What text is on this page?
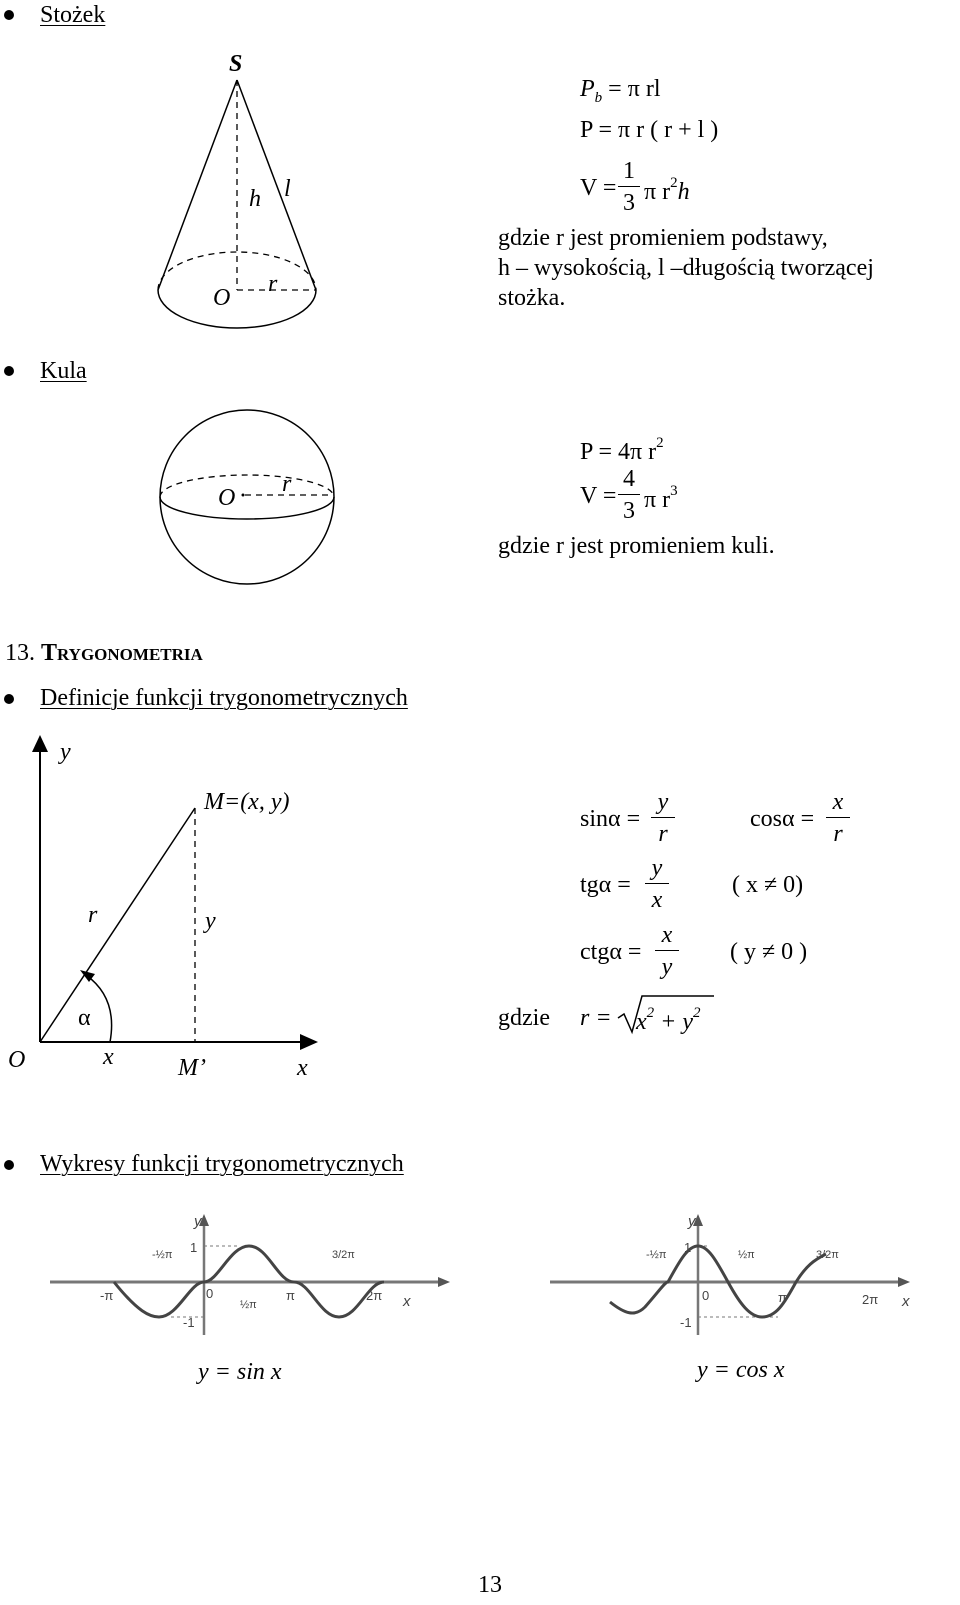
Stożek
S
h l
r
O
$P_b = \pi$ rl
P = π r ( r + l )
V =
1
3 π $r^2h$
gdzie r jest promieniem podstawy,
h – wysokością, l –długością tworzącej
stożka.
Kula
O
r
P = 4π $r^2$
V =
4
3 π $r^3$
gdzie r jest promieniem kuli.
13. Trygonometria
Definicje funkcji trygonometrycznych
y
x
O
M=(x, y)
M’
r	y
x
α
sinα =
y
r
cosα =
x
r
tgα =
y
x
( x ≠ 0)
ctgα =
x
y
( y ≠ 0 )
gdzie $r = x^2 + y^2$
Wykresy funkcji trygonometrycznych
y
x
1
0
-1
-π	π	2π
-½π
½π
3/2π
y = sin x
y
x
1
0
-1
π	2π
-½π	½π	3/2π
y = cos x
13
